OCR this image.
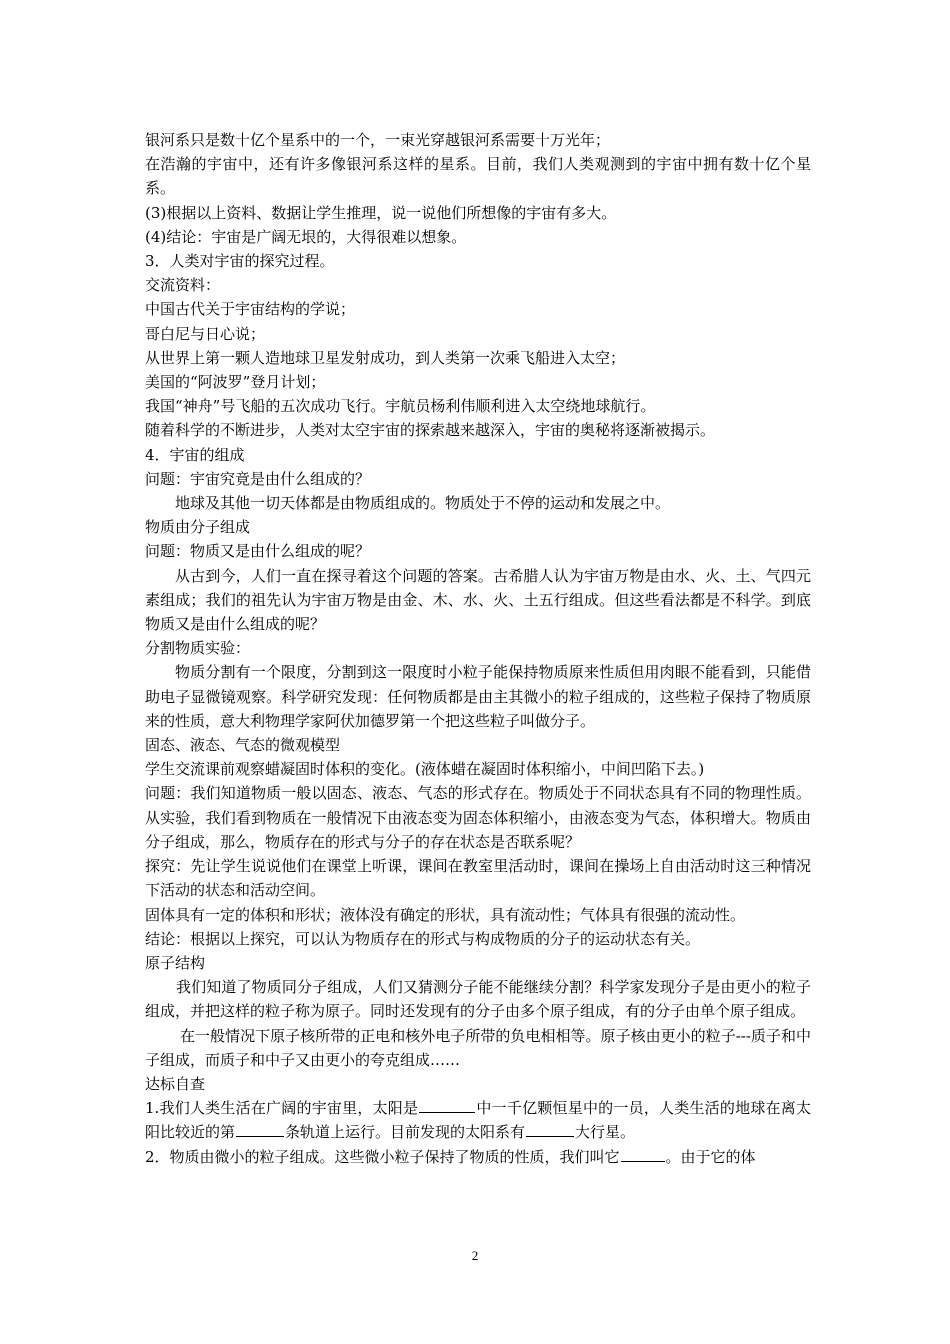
银河系只是数十亿个星系中的一个，一束光穿越银河系需要十万光年；

在浩瀚的宇宙中，还有许多像银河系这样的星系。目前，我们人类观测到的宇宙中拥有数十亿个星系。

(3)根据以上资料、数据让学生推理，说一说他们所想像的宇宙有多大。

(4)结论：宇宙是广阔无垠的，大得很难以想象。

3．人类对宇宙的探究过程。

交流资料：

中国古代关于宇宙结构的学说；

哥白尼与日心说；

从世界上第一颗人造地球卫星发射成功，到人类第一次乘飞船进入太空；

美国的“阿波罗”登月计划；

我国“神舟”号飞船的五次成功飞行。宇航员杨利伟顺利进入太空绕地球航行。

随着科学的不断进步，人类对太空宇宙的探索越来越深入，宇宙的奥秘将逐渐被揭示。

4．宇宙的组成

问题：宇宙究竟是由什么组成的？

地球及其他一切天体都是由物质组成的。物质处于不停的运动和发展之中。

物质由分子组成

问题：物质又是由什么组成的呢？

从古到今，人们一直在探寻着这个问题的答案。古希腊人认为宇宙万物是由水、火、土、气四元素组成；我们的祖先认为宇宙万物是由金、木、水、火、土五行组成。但这些看法都是不科学。到底物质又是由什么组成的呢？

分割物质实验：

物质分割有一个限度，分割到这一限度时小粒子能保持物质原来性质但用肉眼不能看到，只能借助电子显微镜观察。科学研究发现：任何物质都是由主其微小的粒子组成的，这些粒子保持了物质原来的性质，意大利物理学家阿伏加德罗第一个把这些粒子叫做分子。

固态、液态、气态的微观模型

学生交流课前观察蜡凝固时体积的变化。(液体蜡在凝固时体积缩小，中间凹陷下去。)

问题：我们知道物质一般以固态、液态、气态的形式存在。物质处于不同状态具有不同的物理性质。从实验，我们看到物质在一般情况下由液态变为固态体积缩小，由液态变为气态，体积增大。物质由分子组成，那么，物质存在的形式与分子的存在状态是否联系呢？

探究：先让学生说说他们在课堂上听课，课间在教室里活动时，课间在操场上自由活动时这三种情况下活动的状态和活动空间。

固体具有一定的体积和形状；液体没有确定的形状，具有流动性；气体具有很强的流动性。

结论：根据以上探究，可以认为物质存在的形式与构成物质的分子的运动状态有关。

原子结构

我们知道了物质同分子组成，人们又猜测分子能不能继续分割？科学家发现分子是由更小的粒子组成，并把这样的粒子称为原子。同时还发现有的分子由多个原子组成，有的分子由单个原子组成。

在一般情况下原子核所带的正电和核外电子所带的负电相相等。原子核由更小的粒子---质子和中子组成，而质子和中子又由更小的夸克组成……

达标自查

1.我们人类生活在广阔的宇宙里，太阳是	中一千亿颗恒星中的一员，人类生活的地球在离太阳比较近的第	条轨道上运行。目前发现的太阳系有	大行星。

2．物质由微小的粒子组成。这些微小粒子保持了物质的性质，我们叫它	。由于它的体

2
